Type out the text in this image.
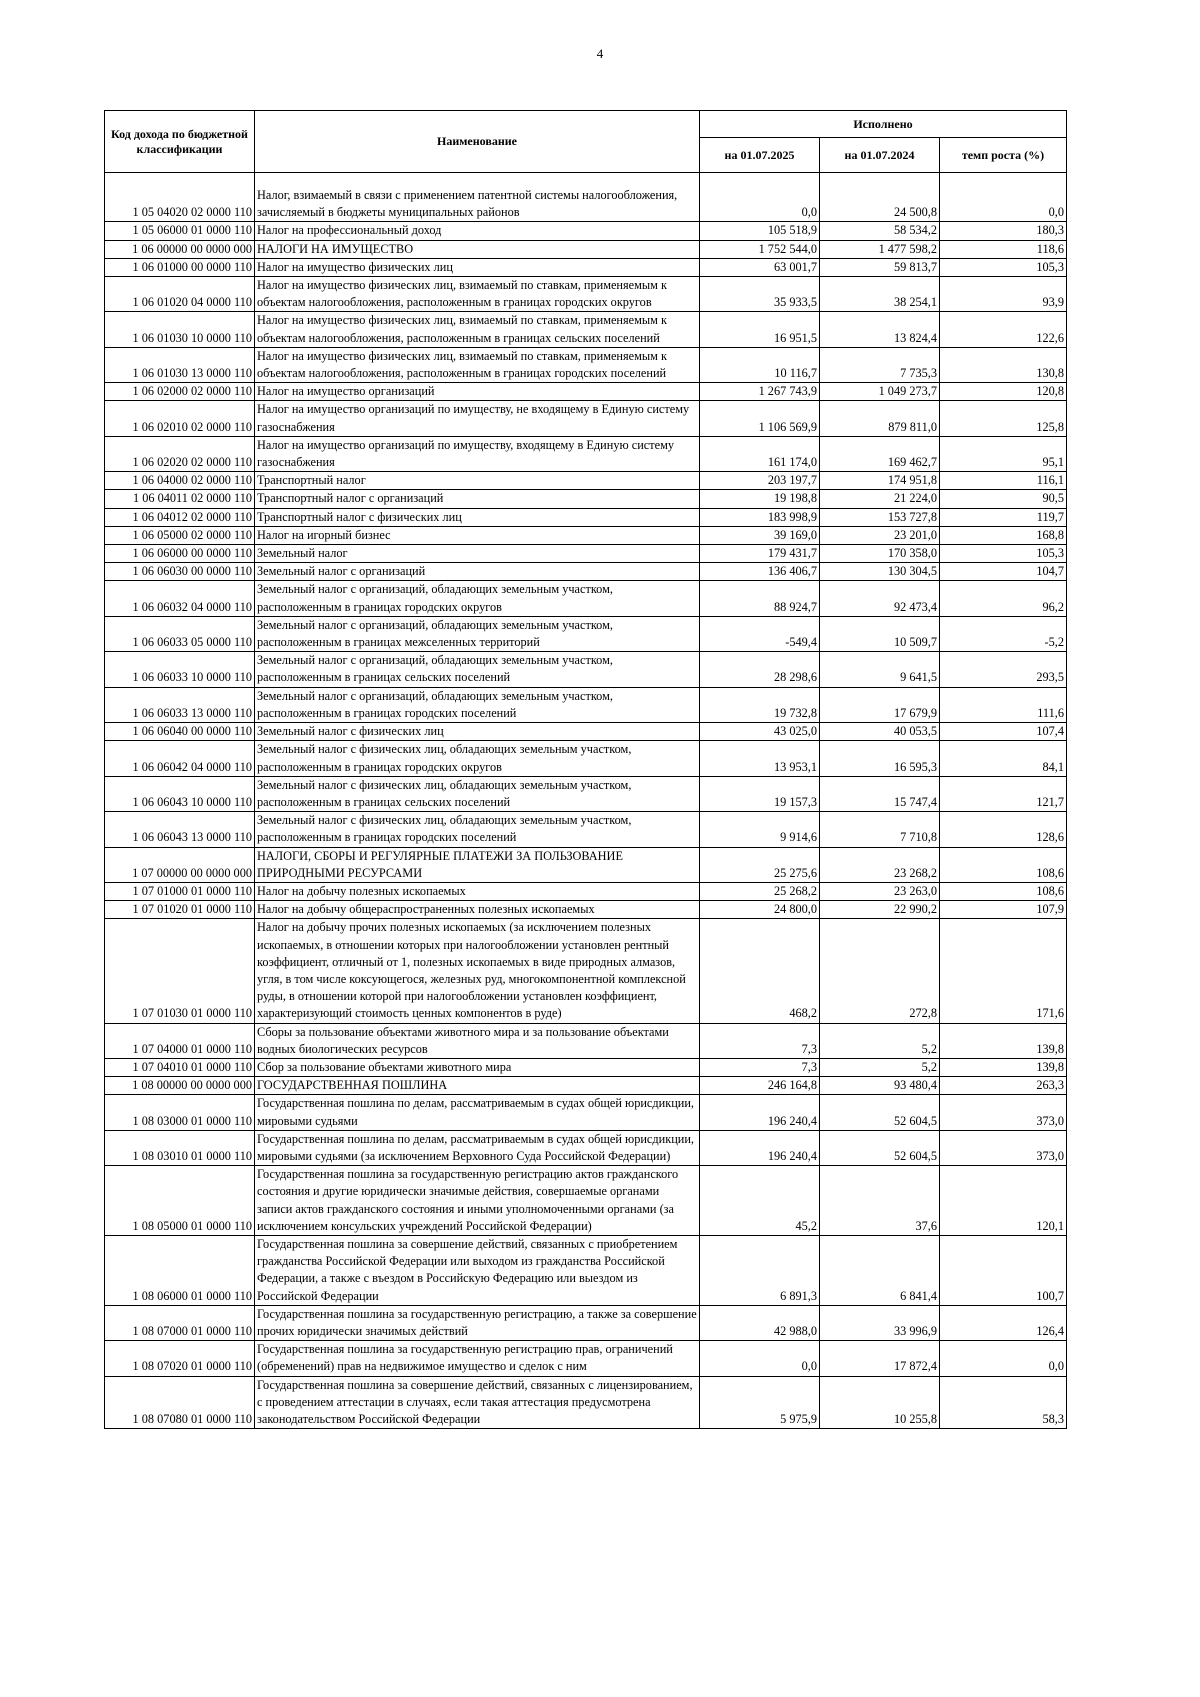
4
Код дохода по бюджетной классификации	Наименование	Исполнено		
		на 01.07.2025	на 01.07.2024	темп роста (%)

1 05 04020 02 0000 110	Налог, взимаемый в связи с применением патентной системы налогообложения, зачисляемый в бюджеты муниципальных районов	0,0	24 500,8	0,0
1 05 06000 01 0000 110	Налог на профессиональный доход	105 518,9	58 534,2	180,3
1 06 00000 00 0000 000	НАЛОГИ НА ИМУЩЕСТВО	1 752 544,0	1 477 598,2	118,6
1 06 01000 00 0000 110	Налог на имущество физических лиц	63 001,7	59 813,7	105,3
1 06 01020 04 0000 110	Налог на имущество физических лиц, взимаемый по ставкам, применяемым к объектам налогообложения, расположенным в границах городских округов	35 933,5	38 254,1	93,9
1 06 01030 10 0000 110	Налог на имущество физических лиц, взимаемый по ставкам, применяемым к объектам налогообложения, расположенным в границах сельских поселений	16 951,5	13 824,4	122,6
1 06 01030 13 0000 110	Налог на имущество физических лиц, взимаемый по ставкам, применяемым к объектам налогообложения, расположенным в границах городских поселений	10 116,7	7 735,3	130,8
1 06 02000 02 0000 110	Налог на имущество организаций	1 267 743,9	1 049 273,7	120,8
1 06 02010 02 0000 110	Налог на имущество организаций по имуществу, не входящему в Единую систему газоснабжения	1 106 569,9	879 811,0	125,8
1 06 02020 02 0000 110	Налог на имущество организаций по имуществу, входящему в Единую систему газоснабжения	161 174,0	169 462,7	95,1
1 06 04000 02 0000 110	Транспортный налог	203 197,7	174 951,8	116,1
1 06 04011 02 0000 110	Транспортный налог с организаций	19 198,8	21 224,0	90,5
1 06 04012 02 0000 110	Транспортный налог с физических лиц	183 998,9	153 727,8	119,7
1 06 05000 02 0000 110	Налог на игорный бизнес	39 169,0	23 201,0	168,8
1 06 06000 00 0000 110	Земельный налог	179 431,7	170 358,0	105,3
1 06 06030 00 0000 110	Земельный налог с организаций	136 406,7	130 304,5	104,7
1 06 06032 04 0000 110	Земельный налог с организаций, обладающих земельным участком, расположенным в границах городских округов	88 924,7	92 473,4	96,2
1 06 06033 05 0000 110	Земельный налог с организаций, обладающих земельным участком, расположенным в границах межселенных территорий	-549,4	10 509,7	-5,2
1 06 06033 10 0000 110	Земельный налог с организаций, обладающих земельным участком, расположенным в границах сельских поселений	28 298,6	9 641,5	293,5
1 06 06033 13 0000 110	Земельный налог с организаций, обладающих земельным участком, расположенным в границах городских поселений	19 732,8	17 679,9	111,6
1 06 06040 00 0000 110	Земельный налог с физических лиц	43 025,0	40 053,5	107,4
1 06 06042 04 0000 110	Земельный налог с физических лиц, обладающих земельным участком, расположенным в границах городских округов	13 953,1	16 595,3	84,1
1 06 06043 10 0000 110	Земельный налог с физических лиц, обладающих земельным участком, расположенным в границах сельских поселений	19 157,3	15 747,4	121,7
1 06 06043 13 0000 110	Земельный налог с физических лиц, обладающих земельным участком, расположенным в границах городских поселений	9 914,6	7 710,8	128,6
1 07 00000 00 0000 000	НАЛОГИ, СБОРЫ И РЕГУЛЯРНЫЕ ПЛАТЕЖИ ЗА ПОЛЬЗОВАНИЕ ПРИРОДНЫМИ РЕСУРСАМИ	25 275,6	23 268,2	108,6
1 07 01000 01 0000 110	Налог на добычу полезных ископаемых	25 268,2	23 263,0	108,6
1 07 01020 01 0000 110	Налог на добычу общераспространенных полезных ископаемых	24 800,0	22 990,2	107,9
1 07 01030 01 0000 110	Налог на добычу прочих полезных ископаемых (за исключением полезных ископаемых, в отношении которых при налогообложении установлен рентный коэффициент, отличный от 1, полезных ископаемых в виде природных алмазов, угля, в том числе коксующегося, железных руд, многокомпонентной комплексной руды, в отношении которой при налогообложении установлен коэффициент, характеризующий стоимость ценных компонентов в руде)	468,2	272,8	171,6
1 07 04000 01 0000 110	Сборы за пользование объектами животного мира и за пользование объектами водных биологических ресурсов	7,3	5,2	139,8
1 07 04010 01 0000 110	Сбор за пользование объектами животного мира	7,3	5,2	139,8
1 08 00000 00 0000 000	ГОСУДАРСТВЕННАЯ ПОШЛИНА	246 164,8	93 480,4	263,3
1 08 03000 01 0000 110	Государственная пошлина по делам, рассматриваемым в судах общей юрисдикции, мировыми судьями	196 240,4	52 604,5	373,0
1 08 03010 01 0000 110	Государственная пошлина по делам, рассматриваемым в судах общей юрисдикции, мировыми судьями (за исключением Верховного Суда Российской Федерации)	196 240,4	52 604,5	373,0
1 08 05000 01 0000 110	Государственная пошлина за государственную регистрацию актов гражданского состояния и другие юридически значимые действия, совершаемые органами записи актов гражданского состояния и иными уполномоченными органами (за исключением консульских учреждений Российской Федерации)	45,2	37,6	120,1
1 08 06000 01 0000 110	Государственная пошлина за совершение действий, связанных с приобретением гражданства Российской Федерации или выходом из гражданства Российской Федерации, а также с въездом в Российскую Федерацию или выездом из Российской Федерации	6 891,3	6 841,4	100,7
1 08 07000 01 0000 110	Государственная пошлина за государственную регистрацию, а также за совершение прочих юридически значимых действий	42 988,0	33 996,9	126,4
1 08 07020 01 0000 110	Государственная пошлина за государственную регистрацию прав, ограничений (обременений) прав на недвижимое имущество и сделок с ним	0,0	17 872,4	0,0
1 08 07080 01 0000 110	Государственная пошлина за совершение действий, связанных с лицензированием, с проведением аттестации в случаях, если такая аттестация предусмотрена законодательством Российской Федерации	5 975,9	10 255,8	58,3
